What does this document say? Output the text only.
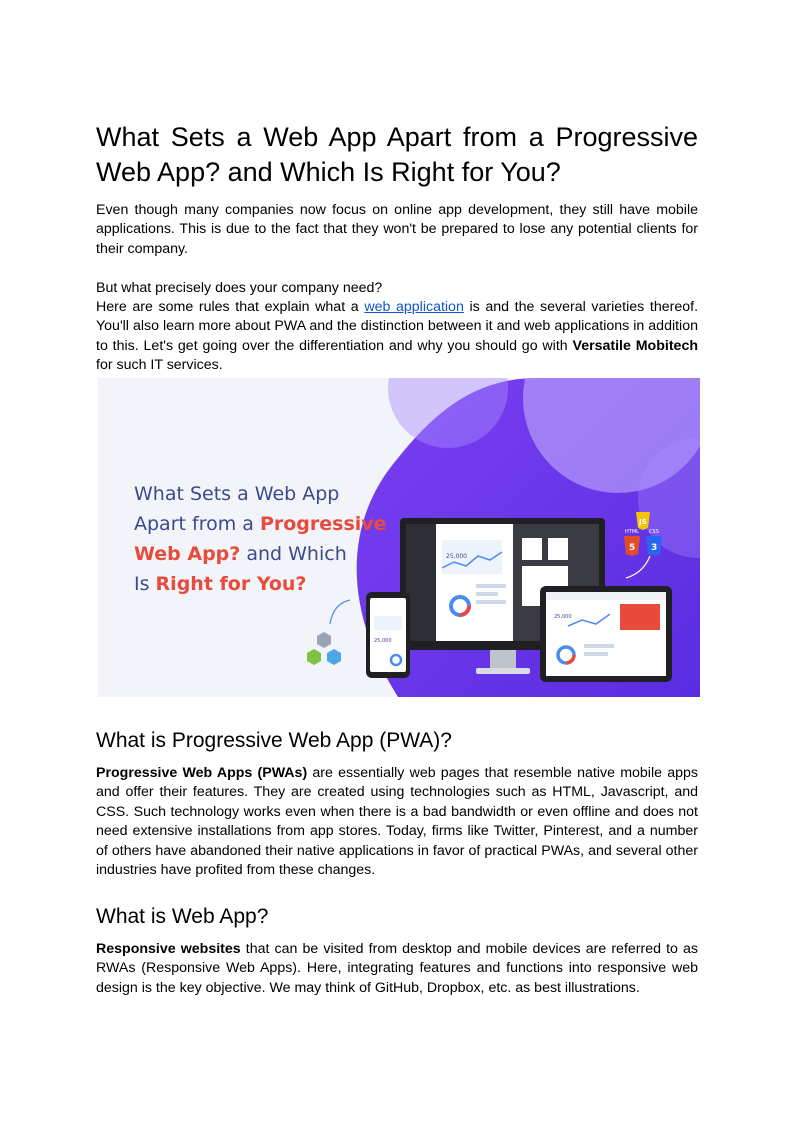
What Sets a Web App Apart from a Progressive Web App? and Which Is Right for You?

Even though many companies now focus on online app development, they still have mobile applications. This is due to the fact that they won't be prepared to lose any potential clients for their company.

But what precisely does your company need?

Here are some rules that explain what a web application is and the several varieties thereof. You'll also learn more about PWA and the distinction between it and web applications in addition to this. Let's get going over the differentiation and why you should go with Versatile Mobitech for such IT services.

What is Progressive Web App (PWA)?

Progressive Web Apps (PWAs) are essentially web pages that resemble native mobile apps and offer their features. They are created using technologies such as HTML, Javascript, and CSS. Such technology works even when there is a bad bandwidth or even offline and does not need extensive installations from app stores. Today, firms like Twitter, Pinterest, and a number of others have abandoned their native applications in favor of practical PWAs, and several other industries have profited from these changes.

What is Web App?

Responsive websites that can be visited from desktop and mobile devices are referred to as RWAs (Responsive Web Apps). Here, integrating features and functions into responsive web design is the key objective. We may think of GitHub, Dropbox, etc. as best illustrations.

What Sets a Web App
Apart from a Progressive
Web App? and Which
Is Right for You?
25,000
25,000
25,000
JS
5
HTML
3
CSS
